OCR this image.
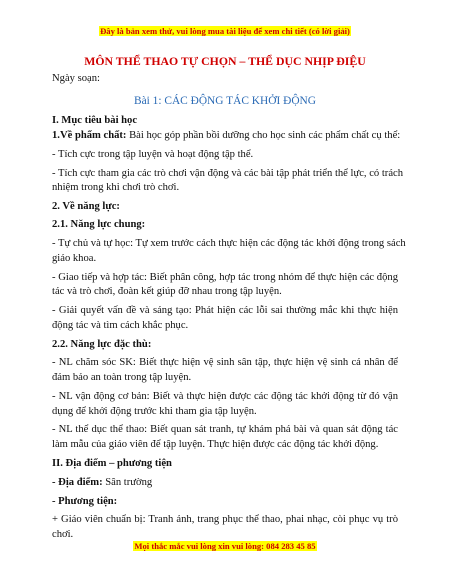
Đây là bản xem thử, vui lòng mua tài liệu để xem chi tiết (có lời giải)
MÔN THỂ THAO TỰ CHỌN – THỂ DỤC NHỊP ĐIỆU
Ngày soạn:
Bài 1: CÁC ĐỘNG TÁC KHỞI ĐỘNG
I. Mục tiêu bài học
1.Về phẩm chất: Bài học góp phần bồi dưỡng cho học sinh các phẩm chất cụ thể:
- Tích cực trong tập luyện và hoạt động tập thể.
- Tích cực tham gia các trò chơi vận động và các bài tập phát triển thể lực, có trách
nhiệm trong khi chơi trò chơi.
2. Về năng lực:
2.1. Năng lực chung:
- Tự chủ và tự học: Tự xem trước cách thực hiện các động tác khởi động trong sách
giáo khoa.
- Giao tiếp và hợp tác: Biết phân công, hợp tác trong nhóm để thực hiện các động
tác và trò chơi, đoàn kết giúp đỡ nhau trong tập luyện.
- Giải quyết vấn đề và sáng tạo: Phát hiện các lỗi sai thường mắc khi thực hiện
động tác và tìm cách khắc phục.
2.2. Năng lực đặc thù:
- NL chăm sóc SK: Biết thực hiện vệ sinh sân tập, thực hiện vệ sinh cá nhân để
đảm bảo an toàn trong tập luyện.
- NL vận động cơ bản: Biết và thực hiện được các động tác khởi động từ đó vận
dụng để khởi động trước khi tham gia tập luyện.
- NL thể dục thể thao: Biết quan sát tranh, tự khám phá bài và quan sát động tác
làm mẫu của giáo viên để tập luyện. Thực hiện được các động tác khởi động.
II. Địa điểm – phương tiện
- Địa điểm: Sân trường
- Phương tiện:
+ Giáo viên chuẩn bị: Tranh ảnh, trang phục thể thao, phai nhạc, còi phục vụ trò
chơi.
Mọi thắc mắc vui lòng xin vui lòng: 084 283 45 85
